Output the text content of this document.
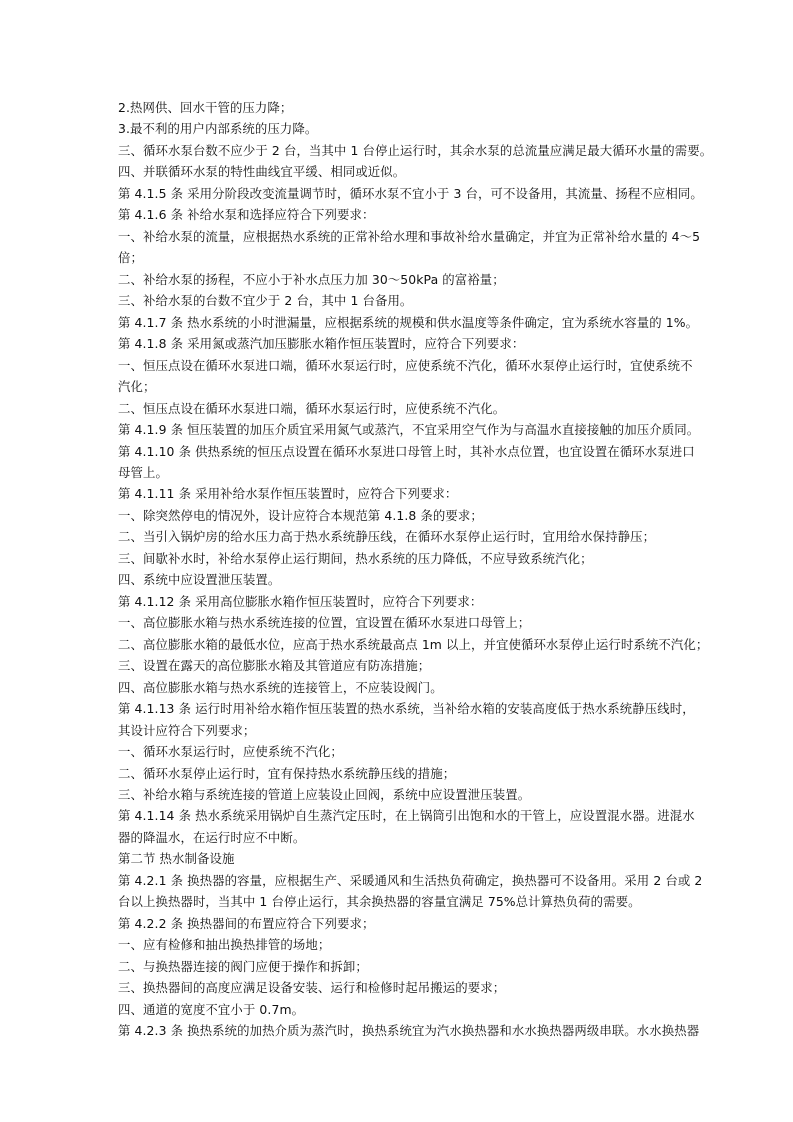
2.热网供、回水干管的压力降；
3.最不利的用户内部系统的压力降。
三、循环水泵台数不应少于 2 台，当其中 1 台停止运行时，其余水泵的总流量应满足最大循环水量的需要。
四、并联循环水泵的特性曲线宜平缓、相同或近似。
第 4.1.5 条 采用分阶段改变流量调节时，循环水泵不宜小于 3 台，可不设备用，其流量、扬程不应相同。
第 4.1.6 条 补给水泵和选择应符合下列要求：
一、补给水泵的流量，应根据热水系统的正常补给水理和事故补给水量确定，并宜为正常补给水量的 4～5
倍；
二、补给水泵的扬程，不应小于补水点压力加 30～50kPa 的富裕量；
三、补给水泵的台数不宜少于 2 台，其中 1 台备用。
第 4.1.7 条 热水系统的小时泄漏量，应根据系统的规模和供水温度等条件确定，宜为系统水容量的 1%。
第 4.1.8 条 采用氮或蒸汽加压膨胀水箱作恒压装置时，应符合下列要求：
一、恒压点设在循环水泵进口端，循环水泵运行时，应使系统不汽化，循环水泵停止运行时，宜使系统不
汽化；
二、恒压点设在循环水泵进口端，循环水泵运行时，应使系统不汽化。
第 4.1.9 条 恒压装置的加压介质宜采用氮气或蒸汽，不宜采用空气作为与高温水直接接触的加压介质同。
第 4.1.10 条 供热系统的恒压点设置在循环水泵进口母管上时，其补水点位置，也宜设置在循环水泵进口
母管上。
第 4.1.11 条 采用补给水泵作恒压装置时，应符合下列要求：
一、除突然停电的情况外，设计应符合本规范第 4.1.8 条的要求；
二、当引入锅炉房的给水压力高于热水系统静压线，在循环水泵停止运行时，宜用给水保持静压；
三、间歇补水时，补给水泵停止运行期间，热水系统的压力降低，不应导致系统汽化；
四、系统中应设置泄压装置。
第 4.1.12 条 采用高位膨胀水箱作恒压装置时，应符合下列要求：
一、高位膨胀水箱与热水系统连接的位置，宜设置在循环水泵进口母管上；
二、高位膨胀水箱的最低水位，应高于热水系统最高点 1m 以上，并宜使循环水泵停止运行时系统不汽化；
三、设置在露天的高位膨胀水箱及其管道应有防冻措施；
四、高位膨胀水箱与热水系统的连接管上，不应装设阀门。
第 4.1.13 条 运行时用补给水箱作恒压装置的热水系统，当补给水箱的安装高度低于热水系统静压线时，
其设计应符合下列要求；
一、循环水泵运行时，应使系统不汽化；
二、循环水泵停止运行时，宜有保持热水系统静压线的措施；
三、补给水箱与系统连接的管道上应装设止回阀，系统中应设置泄压装置。
第 4.1.14 条 热水系统采用锅炉自生蒸汽定压时，在上锅筒引出饱和水的干管上，应设置混水器。进混水
器的降温水，在运行时应不中断。
第二节 热水制备设施
第 4.2.1 条 换热器的容量，应根据生产、采暖通风和生活热负荷确定，换热器可不设备用。采用 2 台或 2
台以上换热器时，当其中 1 台停止运行，其余换热器的容量宜满足 75%总计算热负荷的需要。
第 4.2.2 条 换热器间的布置应符合下列要求；
一、应有检修和抽出换热排管的场地；
二、与换热器连接的阀门应便于操作和拆卸；
三、换热器间的高度应满足设备安装、运行和检修时起吊搬运的要求；
四、通道的宽度不宜小于 0.7m。
第 4.2.3 条 换热系统的加热介质为蒸汽时，换热系统宜为汽水换热器和水水换热器两级串联。水水换热器
